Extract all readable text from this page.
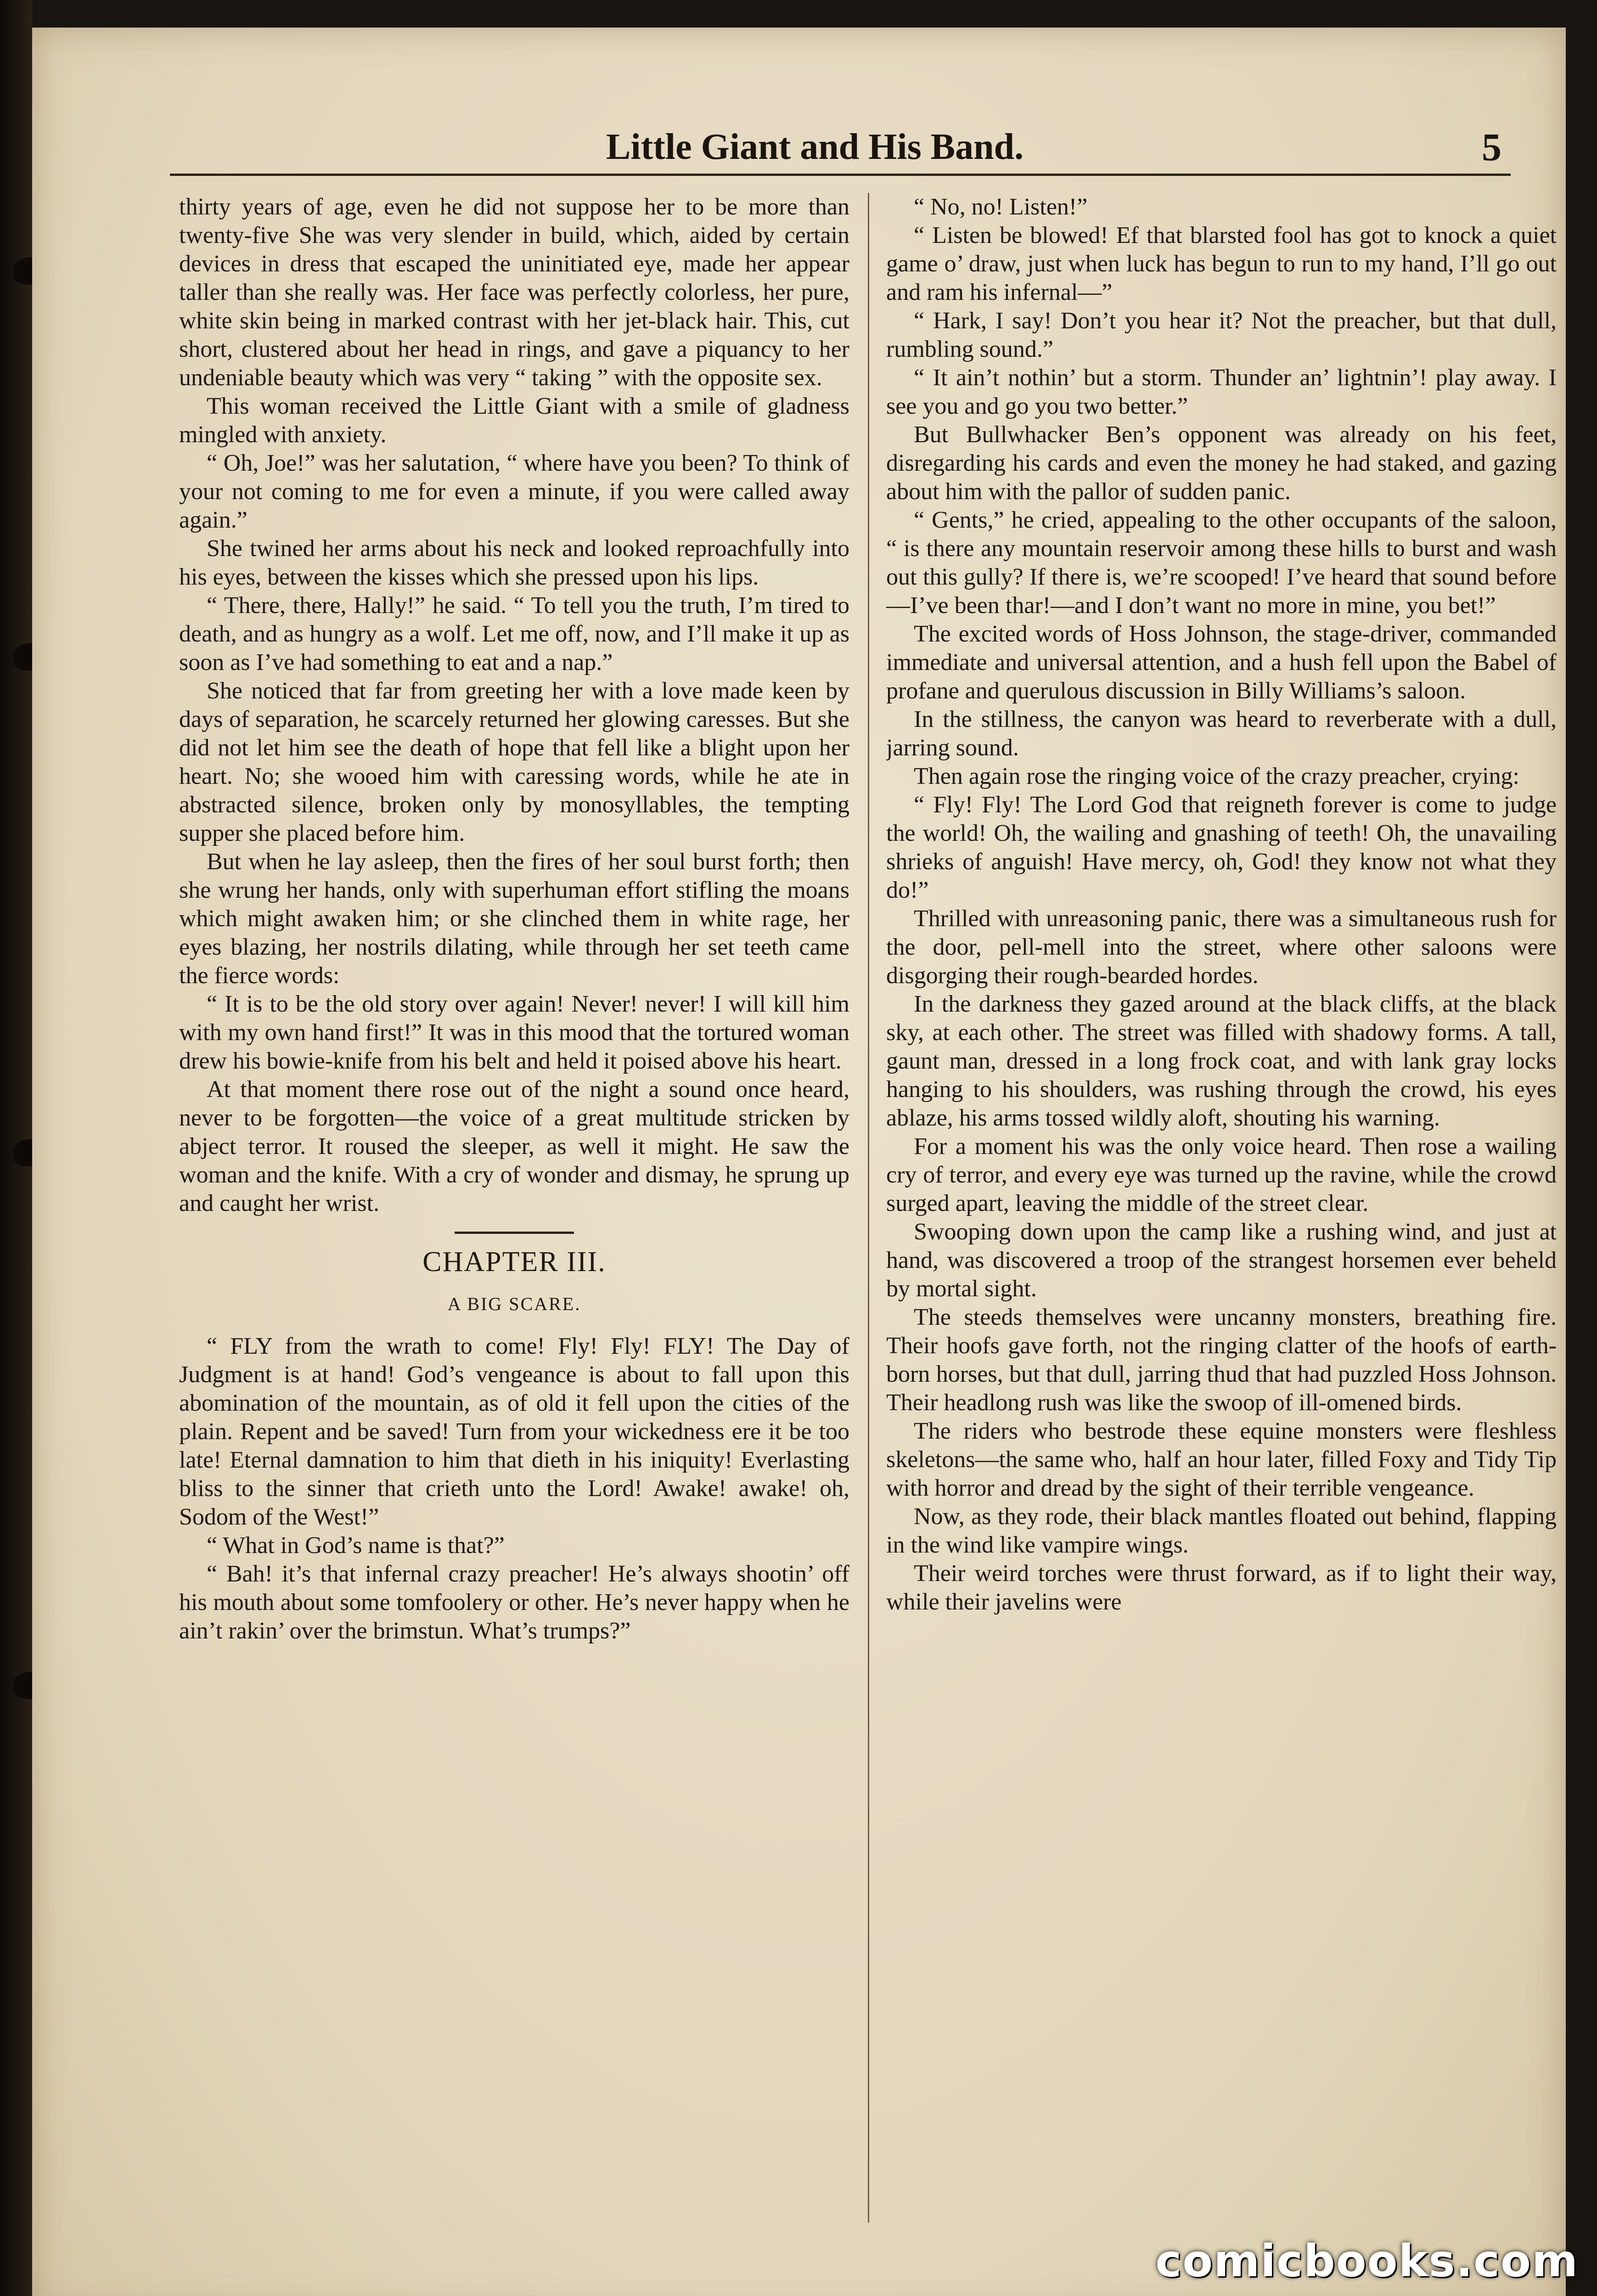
Little Giant and His Band.	5

thirty years of age, even he did not suppose her to be more than twenty-five She was very slender in build, which, aided by certain devices in dress that escaped the uninitiated eye, made her appear taller than she really was. Her face was perfectly colorless, her pure, white skin being in marked contrast with her jet-black hair. This, cut short, clustered about her head in rings, and gave a piquancy to her undeniable beauty which was very “ taking ” with the opposite sex.

This woman received the Little Giant with a smile of gladness mingled with anxiety.

“ Oh, Joe!” was her salutation, “ where have you been? To think of your not coming to me for even a minute, if you were called away again.”

She twined her arms about his neck and looked reproachfully into his eyes, between the kisses which she pressed upon his lips.

“ There, there, Hally!” he said. “ To tell you the truth, I’m tired to death, and as hungry as a wolf. Let me off, now, and I’ll make it up as soon as I’ve had something to eat and a nap.”

She noticed that far from greeting her with a love made keen by days of separation, he scarcely returned her glowing caresses. But she did not let him see the death of hope that fell like a blight upon her heart. No; she wooed him with caressing words, while he ate in abstracted silence, broken only by monosyllables, the tempting supper she placed before him.

But when he lay asleep, then the fires of her soul burst forth; then she wrung her hands, only with superhuman effort stifling the moans which might awaken him; or she clinched them in white rage, her eyes blazing, her nostrils dilating, while through her set teeth came the fierce words:

“ It is to be the old story over again! Never! never! I will kill him with my own hand first!” It was in this mood that the tortured woman drew his bowie-knife from his belt and held it poised above his heart.

At that moment there rose out of the night a sound once heard, never to be forgotten—the voice of a great multitude stricken by abject terror. It roused the sleeper, as well it might. He saw the woman and the knife. With a cry of wonder and dismay, he sprung up and caught her wrist.

CHAPTER III.
A BIG SCARE.

“ FLY from the wrath to come! Fly! Fly! FLY! The Day of Judgment is at hand! God’s vengeance is about to fall upon this abomination of the mountain, as of old it fell upon the cities of the plain. Repent and be saved! Turn from your wickedness ere it be too late! Eternal damnation to him that dieth in his iniquity! Everlasting bliss to the sinner that crieth unto the Lord! Awake! awake! oh, Sodom of the West!”

“ What in God’s name is that?”

“ Bah! it’s that infernal crazy preacher! He’s always shootin’ off his mouth about some tomfoolery or other. He’s never happy when he ain’t rakin’ over the brimstun. What’s trumps?”

“ No, no! Listen!”

“ Listen be blowed! Ef that blarsted fool has got to knock a quiet game o’ draw, just when luck has begun to run to my hand, I’ll go out and ram his infernal—”

“ Hark, I say! Don’t you hear it? Not the preacher, but that dull, rumbling sound.”

“ It ain’t nothin’ but a storm. Thunder an’ lightnin’! play away. I see you and go you two better.”

But Bullwhacker Ben’s opponent was already on his feet, disregarding his cards and even the money he had staked, and gazing about him with the pallor of sudden panic.

“ Gents,” he cried, appealing to the other occupants of the saloon, “ is there any mountain reservoir among these hills to burst and wash out this gully? If there is, we’re scooped! I’ve heard that sound before—I’ve been thar!—and I don’t want no more in mine, you bet!”

The excited words of Hoss Johnson, the stage-driver, commanded immediate and universal attention, and a hush fell upon the Babel of profane and querulous discussion in Billy Williams’s saloon.

In the stillness, the canyon was heard to reverberate with a dull, jarring sound.

Then again rose the ringing voice of the crazy preacher, crying:

“ Fly! Fly! The Lord God that reigneth forever is come to judge the world! Oh, the wailing and gnashing of teeth! Oh, the unavailing shrieks of anguish! Have mercy, oh, God! they know not what they do!”

Thrilled with unreasoning panic, there was a simultaneous rush for the door, pell-mell into the street, where other saloons were disgorging their rough-bearded hordes.

In the darkness they gazed around at the black cliffs, at the black sky, at each other. The street was filled with shadowy forms. A tall, gaunt man, dressed in a long frock coat, and with lank gray locks hanging to his shoulders, was rushing through the crowd, his eyes ablaze, his arms tossed wildly aloft, shouting his warning.

For a moment his was the only voice heard. Then rose a wailing cry of terror, and every eye was turned up the ravine, while the crowd surged apart, leaving the middle of the street clear.

Swooping down upon the camp like a rushing wind, and just at hand, was discovered a troop of the strangest horsemen ever beheld by mortal sight.

The steeds themselves were uncanny monsters, breathing fire. Their hoofs gave forth, not the ringing clatter of the hoofs of earth-born horses, but that dull, jarring thud that had puzzled Hoss Johnson. Their headlong rush was like the swoop of ill-omened birds.

The riders who bestrode these equine monsters were fleshless skeletons—the same who, half an hour later, filled Foxy and Tidy Tip with horror and dread by the sight of their terrible vengeance.

Now, as they rode, their black mantles floated out behind, flapping in the wind like vampire wings.

Their weird torches were thrust forward, as if to light their way, while their javelins were

comicbooks.com
